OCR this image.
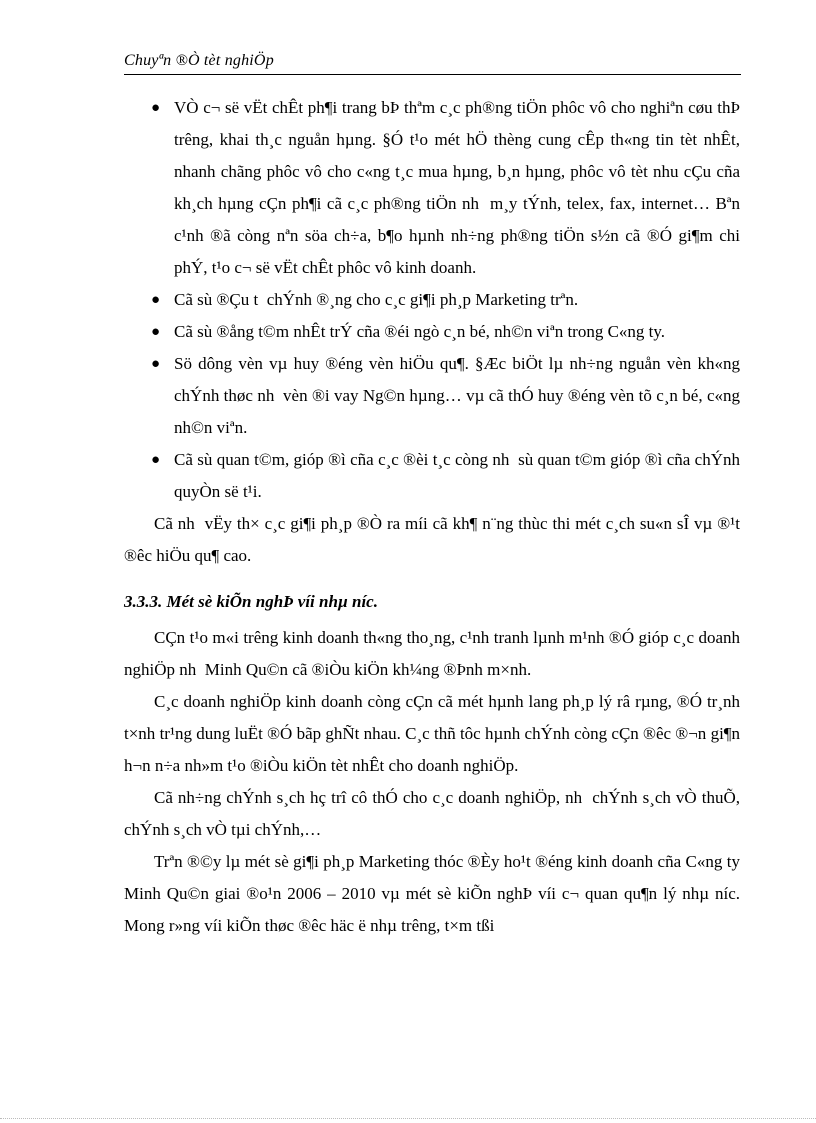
Chuyªn ®Ò tèt nghiÖp
● VÒ c¬ së vËt chÊt ph¶i trang bÞ thªm c¸c ph®ng tiÖn phôc vô cho nghiªn cøu thÞ trêng, khai th¸c nguån hµng. §Ó t¹o mét hÖ thèng cung cÊp th«ng tin tèt nhÊt, nhanh chãng phôc vô cho c«ng t¸c mua hµng, b¸n hµng, phôc vô tèt nhu cÇu cña kh¸ch hµng cÇn ph¶i cã c¸c ph®ng tiÖn nh  m¸y tÝnh, telex, fax, internet… Bªn c¹nh ®ã còng nªn söa ch÷a, b¶o hµnh nh÷ng ph®ng tiÖn s½n cã ®Ó gi¶m chi phÝ, t¹o c¬ së vËt chÊt phôc vô kinh doanh.
● Cã sù ®Çu t  chÝnh ®¸ng cho c¸c gi¶i ph¸p Marketing trªn.
● Cã sù ®ång t©m nhÊt trÝ cña ®éi ngò c¸n bé, nh©n viªn trong C«ng ty.
● Sö dông vèn vµ huy ®éng vèn hiÖu qu¶. §Æc biÖt lµ nh÷ng nguån vèn kh«ng chÝnh thøc nh  vèn ®i vay Ng©n hµng… vµ cã thÓ huy ®éng vèn tõ c¸n bé, c«ng nh©n viªn.
● Cã sù quan t©m, gióp ®ì cña c¸c ®èi t¸c còng nh  sù quan t©m gióp ®ì cña chÝnh quyÒn së t¹i.

Cã nh  vËy th× c¸c gi¶i ph¸p ®Ò ra míi cã kh¶ n¨ng thùc thi mét c¸ch su«n sÎ vµ ®¹t ®êc hiÖu qu¶ cao.

3.3.3. Mét sè kiÕn nghÞ víi nhµ níc.

CÇn t¹o m«i trêng kinh doanh th«ng tho¸ng, c¹nh tranh lµnh m¹nh ®Ó gióp c¸c doanh nghiÖp nh  Minh Qu©n cã ®iÒu kiÖn kh¼ng ®Þnh m×nh.

C¸c doanh nghiÖp kinh doanh còng cÇn cã mét hµnh lang ph¸p lý râ rµng, ®Ó tr¸nh t×nh tr¹ng dung luËt ®Ó bãp ghÑt nhau. C¸c thñ tôc hµnh chÝnh còng cÇn ®êc ®¬n gi¶n h¬n n÷a nh»m t¹o ®iÒu kiÖn tèt nhÊt cho doanh nghiÖp.

Cã nh÷ng chÝnh s¸ch hç trî cô thÓ cho c¸c doanh nghiÖp, nh  chÝnh s¸ch vÒ thuÕ, chÝnh s¸ch vÒ tµi chÝnh,…

Trªn ®©y lµ mét sè gi¶i ph¸p Marketing thóc ®Èy ho¹t ®éng kinh doanh cña C«ng ty Minh Qu©n giai ®o¹n 2006 – 2010 vµ mét sè kiÕn nghÞ víi c¬ quan qu¶n lý nhµ níc. Mong r»ng víi kiÕn thøc ®êc häc ë nhµ trêng, t×m tßi
